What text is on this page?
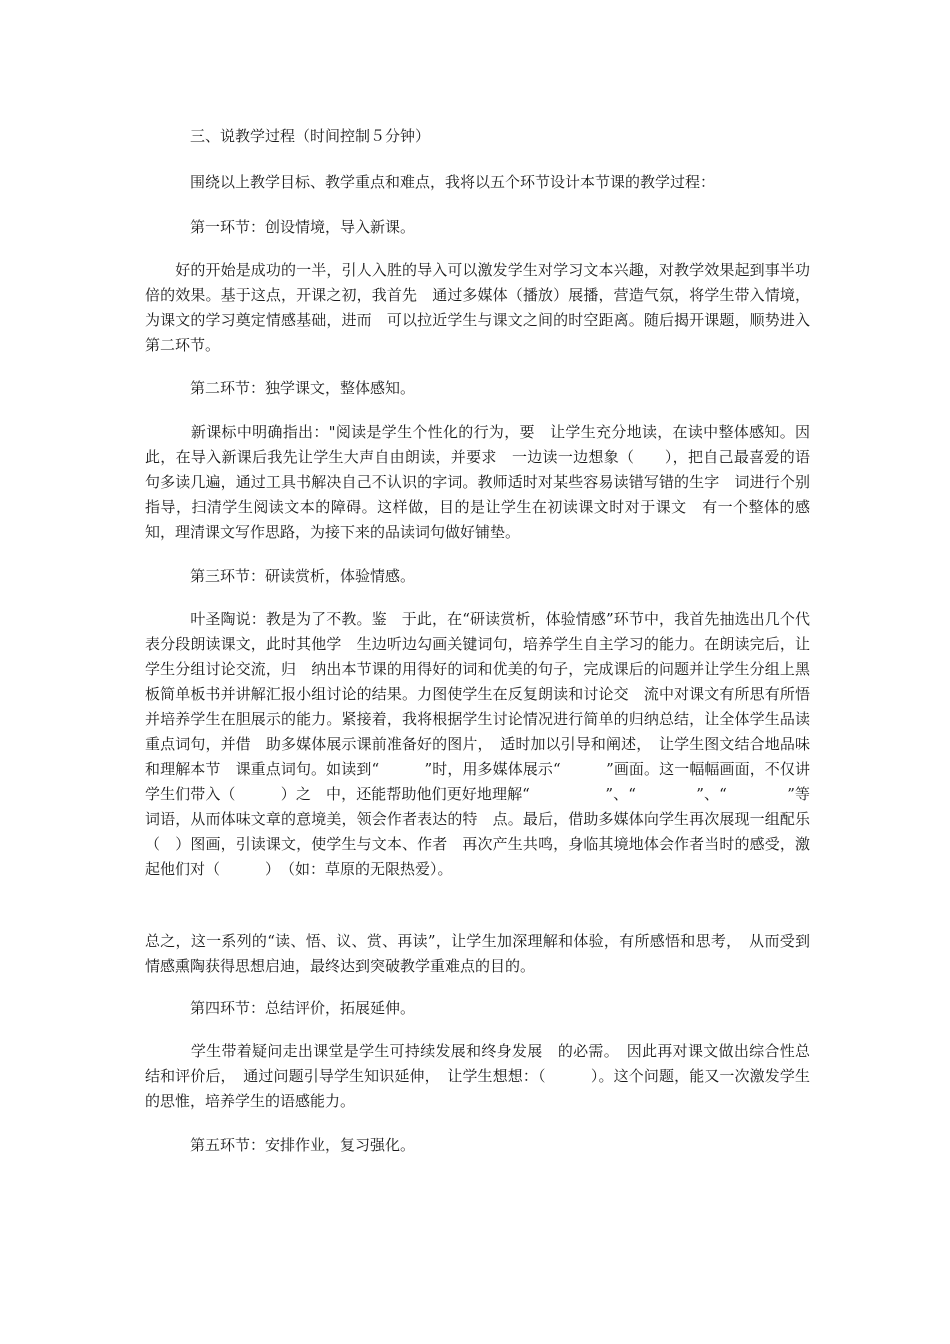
　　　三、说教学过程（时间控制５分钟）

　　　围绕以上教学目标、教学重点和难点，我将以五个环节设计本节课的教学过程：

　　　第一环节：创设情境，导入新课。

　　好的开始是成功的一半，引人入胜的导入可以激发学生对学习文本兴趣，对教学效果起到事半功倍的效果。基于这点，开课之初，我首先　通过多媒体（播放）展播，营造气氛，将学生带入情境，为课文的学习奠定情感基础，进而　可以拉近学生与课文之间的时空距离。随后揭开课题，顺势进入　第二环节。

　　　第二环节：独学课文，整体感知。

　　　新课标中明确指出："阅读是学生个性化的行为，要　让学生充分地读，在读中整体感知。因此，在导入新课后我先让学生大声自由朗读，并要求　一边读一边想象（　　），把自己最喜爱的语句多读几遍，通过工具书解决自己不认识的字词。教师适时对某些容易读错写错的生字　词进行个别指导，扫清学生阅读文本的障碍。这样做，目的是让学生在初读课文时对于课文　有一个整体的感知，理清课文写作思路，为接下来的品读词句做好铺垫。

　　　第三环节：研读赏析，体验情感。

　　　叶圣陶说：教是为了不教。鉴　于此，在“研读赏析，体验情感”环节中，我首先抽选出几个代表分段朗读课文，此时其他学　生边听边勾画关键词句，培养学生自主学习的能力。在朗读完后，让学生分组讨论交流，归　纳出本节课的用得好的词和优美的句子，完成课后的问题并让学生分组上黑板简单板书并讲解汇报小组讨论的结果。力图使学生在反复朗读和讨论交　流中对课文有所思有所悟并培养学生在胆展示的能力。紧接着，我将根据学生讨论情况进行简单的归纳总结，让全体学生品读重点词句，并借　助多媒体展示课前准备好的图片，　适时加以引导和阐述，　让学生图文结合地品味和理解本节　课重点词句。如读到“　　　”时，用多媒体展示“　　　”画面。这一幅幅画面，不仅讲学生们带入（　　　）之　中，还能帮助他们更好地理解“　　　　　”、“　　　　”、“　　　　”等词语，从而体味文章的意境美，领会作者表达的特　点。最后，借助多媒体向学生再次展现一组配乐（　）图画，引读课文，使学生与文本、作者　再次产生共鸣，身临其境地体会作者当时的感受，激起他们对（　　　）　（如：草原的无限热爱）。

总之，这一系列的“读、悟、议、赏、再读”，让学生加深理解和体验，有所感悟和思考，　从而受到情感熏陶获得思想启迪，最终达到突破教学重难点的目的。

　　　第四环节：总结评价，拓展延伸。

　　　学生带着疑问走出课堂是学生可持续发展和终身发展　的必需。　因此再对课文做出综合性总结和评价后，　通过问题引导学生知识延伸，　让学生想想：（　　　）。这个问题，能又一次激发学生的思惟，培养学生的语感能力。

　　　第五环节：安排作业，复习强化。
